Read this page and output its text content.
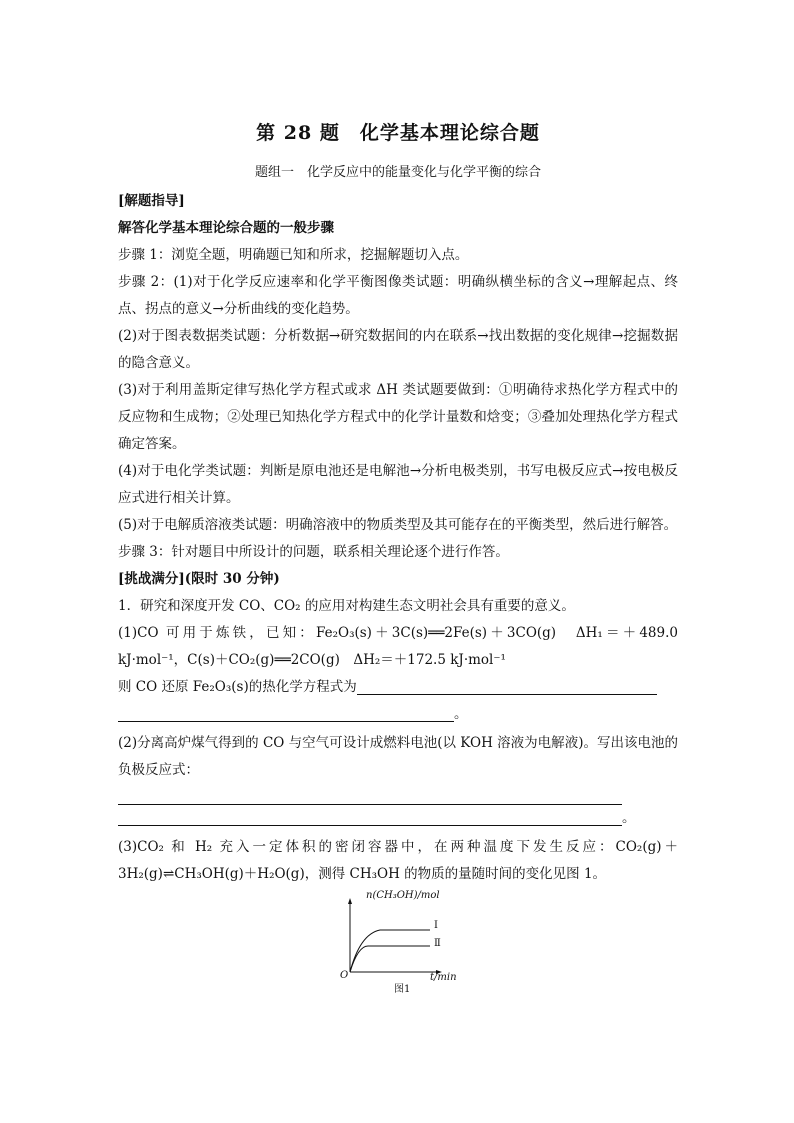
第 28 题　化学基本理论综合题
题组一　化学反应中的能量变化与化学平衡的综合

[解题指导]

解答化学基本理论综合题的一般步骤

步骤 1：浏览全题，明确题已知和所求，挖掘解题切入点。

步骤 2：(1)对于化学反应速率和化学平衡图像类试题：明确纵横坐标的含义→理解起点、终点、拐点的意义→分析曲线的变化趋势。

(2)对于图表数据类试题：分析数据→研究数据间的内在联系→找出数据的变化规律→挖掘数据的隐含意义。

(3)对于利用盖斯定律写热化学方程式或求 ΔH 类试题要做到：①明确待求热化学方程式中的反应物和生成物；②处理已知热化学方程式中的化学计量数和焓变；③叠加处理热化学方程式确定答案。

(4)对于电化学类试题：判断是原电池还是电解池→分析电极类别，书写电极反应式→按电极反应式进行相关计算。

(5)对于电解质溶液类试题：明确溶液中的物质类型及其可能存在的平衡类型，然后进行解答。

步骤 3：针对题目中所设计的问题，联系相关理论逐个进行作答。

[挑战满分](限时 30 分钟)

1．研究和深度开发 CO、CO₂ 的应用对构建生态文明社会具有重要的意义。

(1)CO 可用于炼铁，已知：Fe₂O₃(s)＋3C(s)══2Fe(s)＋3CO(g)　ΔH₁＝＋489.0 kJ·mol⁻¹，C(s)＋CO₂(g)══2CO(g)　ΔH₂＝＋172.5 kJ·mol⁻¹

则 CO 还原 Fe₂O₃(s)的热化学方程式为

。

(2)分离高炉煤气得到的 CO 与空气可设计成燃料电池(以 KOH 溶液为电解液)。写出该电池的负极反应式：

。

(3)CO₂ 和 H₂ 充入一定体积的密闭容器中，在两种温度下发生反应：CO₂(g)＋3H₂(g)⇌CH₃OH(g)＋H₂O(g)，测得 CH₃OH 的物质的量随时间的变化见图 1。

n(CH₃OH)/mol
Ⅰ
Ⅱ
O	t/min
图1
